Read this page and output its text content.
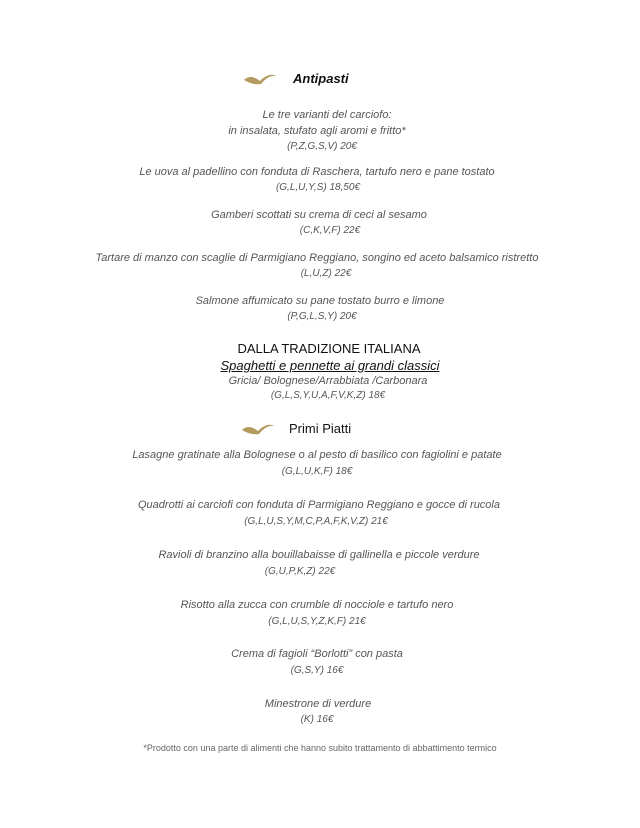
Antipasti
Le tre varianti del carciofo:
in insalata, stufato agli aromi e fritto*
(P,Z,G,S,V) 20€
Le uova al padellino con fonduta di Raschera, tartufo nero e pane tostato
(G,L,U,Y,S) 18,50€
Gamberi scottati su crema di ceci al sesamo
(C,K,V,F) 22€
Tartare di manzo con scaglie di Parmigiano Reggiano, songino ed aceto balsamico ristretto
(L,U,Z) 22€
Salmone affumicato su pane tostato burro e limone
(P,G,L,S,Y) 20€
DALLA TRADIZIONE ITALIANA
Spaghetti e pennette ai grandi classici
Gricia/ Bolognese/Arrabbiata /Carbonara
(G,L,S,Y,U,A,F,V,K,Z) 18€
Primi Piatti
Lasagne gratinate alla Bolognese o al pesto di basilico con fagiolini e patate
(G,L,U,K,F) 18€
Quadrotti ai carciofi con fonduta di Parmigiano Reggiano e gocce di rucola
(G,L,U,S,Y,M,C,P,A,F,K,V,Z) 21€
Ravioli di branzino alla bouillabaisse di gallinella e piccole verdure
(G,U,P,K,Z) 22€
Risotto alla zucca con crumble di nocciole e tartufo nero
(G,L,U,S,Y,Z,K,F) 21€
Crema di fagioli “Borlotti” con pasta
(G,S,Y) 16€
Minestrone di verdure
(K) 16€
*Prodotto con una parte di alimenti che hanno subito trattamento di abbattimento termico
